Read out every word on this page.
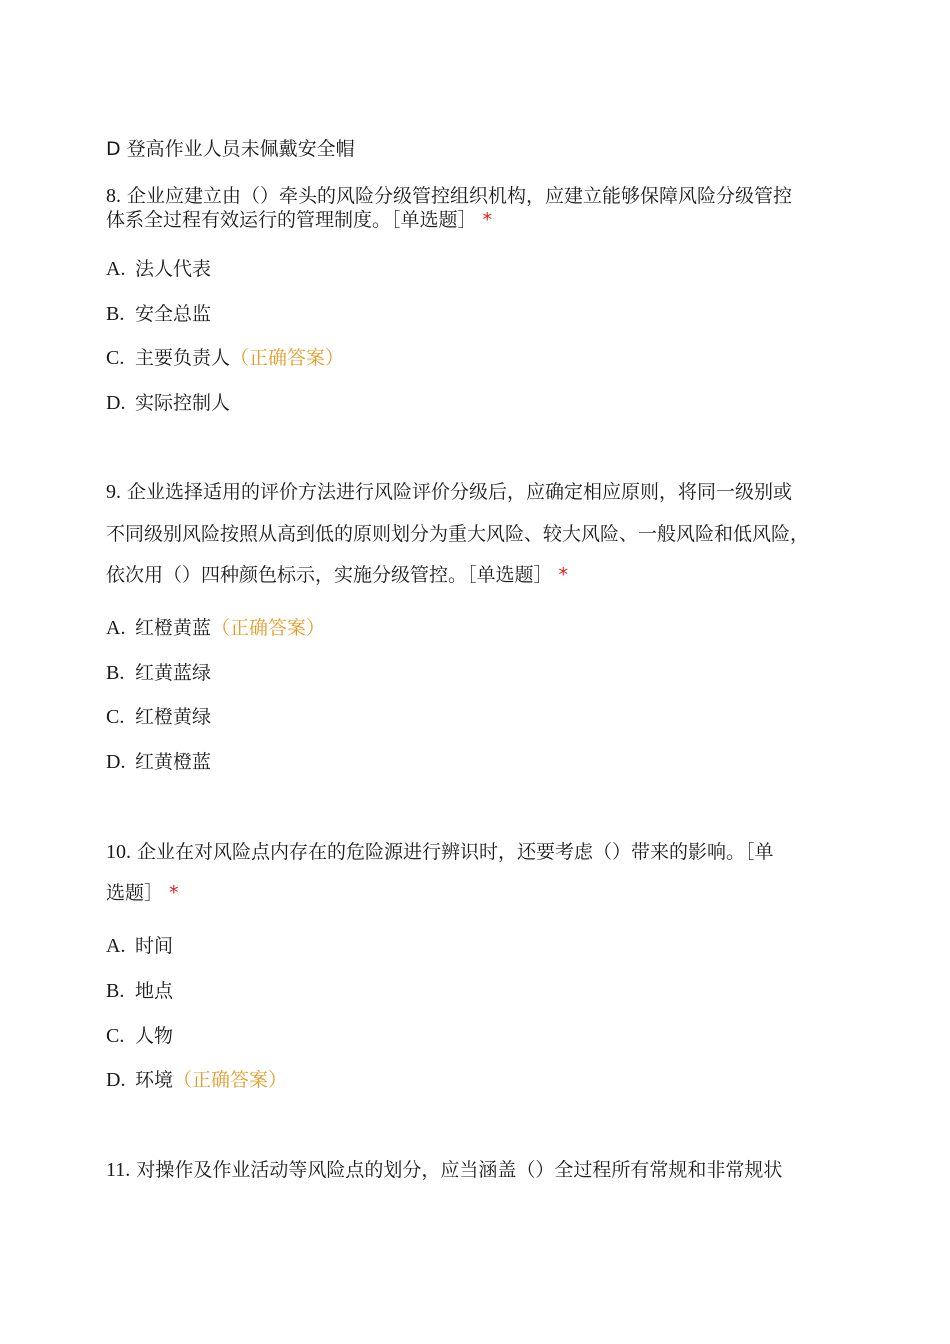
D 登高作业人员未佩戴安全帽
8. 企业应建立由（）牵头的风险分级管控组织机构，应建立能够保障风险分级管控
体系全过程有效运行的管理制度。［单选题］ *
A. 法人代表
B. 安全总监
C. 主要负责人（正确答案）
D. 实际控制人
9. 企业选择适用的评价方法进行风险评价分级后，应确定相应原则，将同一级别或
不同级别风险按照从高到低的原则划分为重大风险、较大风险、一般风险和低风险，
依次用（）四种颜色标示，实施分级管控。［单选题］ *
A. 红橙黄蓝（正确答案）
B. 红黄蓝绿
C. 红橙黄绿
D. 红黄橙蓝
10. 企业在对风险点内存在的危险源进行辨识时，还要考虑（）带来的影响。［单
选题］ *
A. 时间
B. 地点
C. 人物
D. 环境（正确答案）
11. 对操作及作业活动等风险点的划分，应当涵盖（）全过程所有常规和非常规状
